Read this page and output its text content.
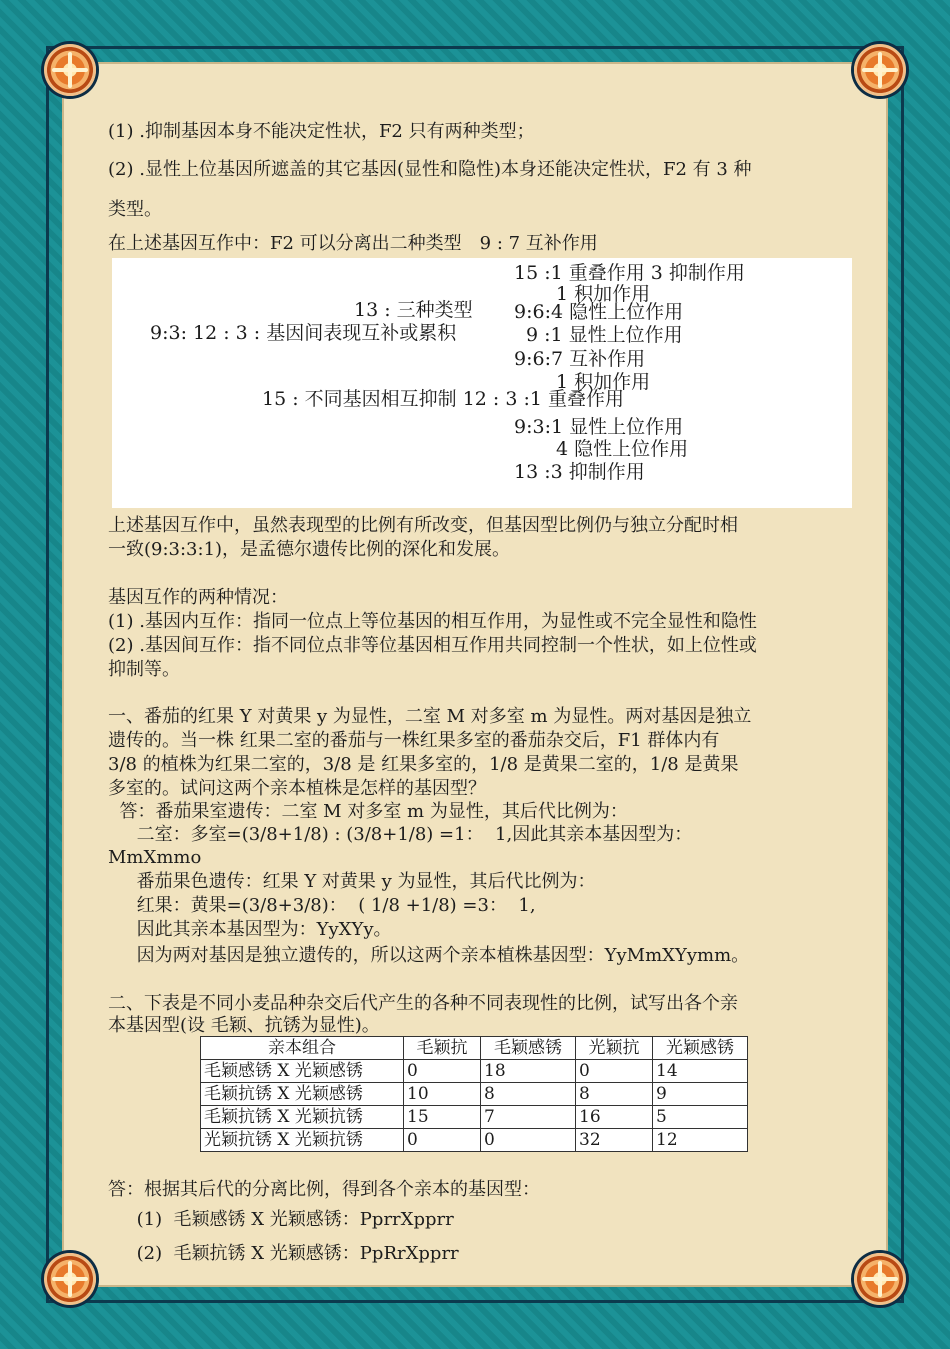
(1) .抑制基因本身不能决定性状，F2 只有两种类型；
(2) .显性上位基因所遮盖的其它基因(显性和隐性)本身还能决定性状，F2 有 3 种
类型。
在上述基因互作中：F2 可以分离出二种类型　9 : 7 互补作用
15 :1 重叠作用 3 抑制作用
1 积加作用
13 : 三种类型 9:6:4 隐性上位作用
9:3: 12 : 3 : 基因间表现互补或累积	9 :1 显性上位作用
9:6:7 互补作用
1 积加作用
15 : 不同基因相互抑制 12 : 3 :1 重叠作用
9:3:1 显性上位作用
4 隐性上位作用
13 :3 抑制作用
上述基因互作中，虽然表现型的比例有所改变，但基因型比例仍与独立分配时相
一致(9:3:3:1)，是孟德尔遗传比例的深化和发展。
基因互作的两种情况：
(1) .基因内互作：指同一位点上等位基因的相互作用，为显性或不完全显性和隐性
(2) .基因间互作：指不同位点非等位基因相互作用共同控制一个性状，如上位性或
抑制等。
一、番茄的红果 Y 对黄果 y 为显性，二室 M 对多室 m 为显性。两对基因是独立
遗传的。当一株 红果二室的番茄与一株红果多室的番茄杂交后，F1 群体内有
3/8 的植株为红果二室的，3/8 是 红果多室的，1/8 是黄果二室的，1/8 是黄果
多室的。试问这两个亲本植株是怎样的基因型？
答：番茄果室遗传：二室 M 对多室 m 为显性，其后代比例为：
二室：多室=(3/8+1/8) : (3/8+1/8) =1：  1,因此其亲本基因型为：
MmXmmo
番茄果色遗传：红果 Y 对黄果 y 为显性，其后代比例为：
红果：黄果=(3/8+3/8)：  ( 1/8 +1/8) =3：  1,
因此其亲本基因型为：YyXYy。
因为两对基因是独立遗传的，所以这两个亲本植株基因型：YyMmXYymm。
二、下表是不同小麦品种杂交后代产生的各种不同表现性的比例，试写出各个亲
本基因型(设 毛颖、抗锈为显性)。
亲本组合	毛颖抗	毛颖感锈	光颖抗	光颖感锈
毛颖感锈 X 光颖感锈	0	18	0	14
毛颖抗锈 X 光颖感锈	10	8	8	9
毛颖抗锈 X 光颖抗锈	15	7	16	5
光颖抗锈 X 光颖抗锈	0	0	32	12
答：根据其后代的分离比例，得到各个亲本的基因型：
(1)  毛颖感锈 X 光颖感锈：PprrXpprr
(2)  毛颖抗锈 X 光颖感锈：PpRrXpprr
